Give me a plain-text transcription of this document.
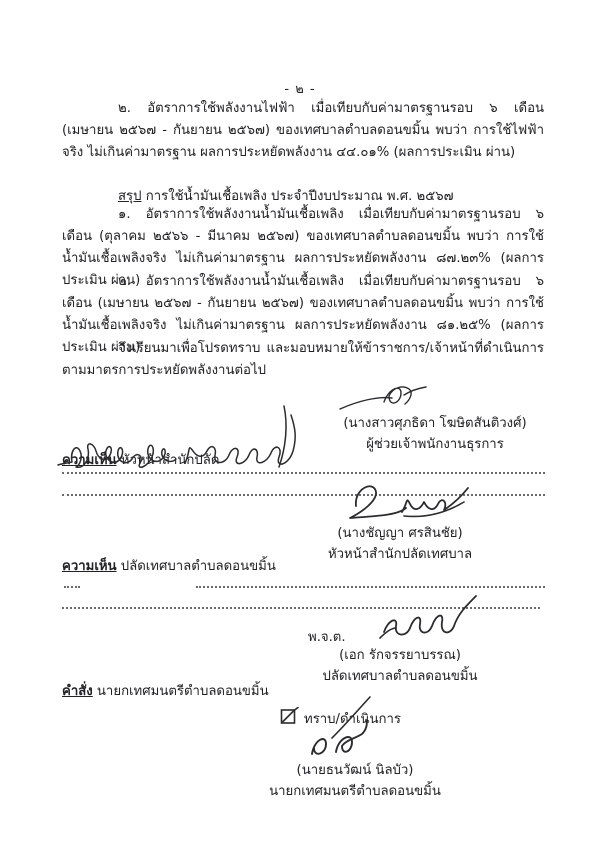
- ๒ -

๒. อัตราการใช้พลังงานไฟฟ้า เมื่อเทียบกับค่ามาตรฐานรอบ ๖ เดือน (เมษายน ๒๕๖๗ - กันยายน ๒๕๖๗) ของเทศบาลตำบลดอนขมิ้น พบว่า การใช้ไฟฟ้าจริง ไม่เกินค่ามาตรฐาน ผลการประหยัดพลังงาน ๔๔.๐๑% (ผลการประเมิน ผ่าน)

สรุป การใช้น้ำมันเชื้อเพลิง ประจำปีงบประมาณ พ.ศ. ๒๕๖๗

๑. อัตราการใช้พลังงานน้ำมันเชื้อเพลิง เมื่อเทียบกับค่ามาตรฐานรอบ ๖ เดือน (ตุลาคม ๒๕๖๖ - มีนาคม ๒๕๖๗) ของเทศบาลตำบลดอนขมิ้น พบว่า การใช้น้ำมันเชื้อเพลิงจริง ไม่เกินค่ามาตรฐาน ผลการประหยัดพลังงาน ๘๗.๒๓% (ผลการประเมิน ผ่าน)

๒. อัตราการใช้พลังงานน้ำมันเชื้อเพลิง เมื่อเทียบกับค่ามาตรฐานรอบ ๖ เดือน (เมษายน ๒๕๖๗ - กันยายน ๒๕๖๗) ของเทศบาลตำบลดอนขมิ้น พบว่า การใช้น้ำมันเชื้อเพลิงจริง ไม่เกินค่ามาตรฐาน ผลการประหยัดพลังงาน ๘๑.๒๕% (ผลการประเมิน ผ่าน)

จึงเรียนมาเพื่อโปรดทราบ และมอบหมายให้ข้าราชการ/เจ้าหน้าที่ดำเนินการตามมาตรการประหยัดพลังงานต่อไป

(นางสาวศุภธิดา โฆษิตสันติวงศ์)
ผู้ช่วยเจ้าพนักงานธุรการ
ความเห็น หัวหน้าสำนักปลัด
(นางชัญญา ศรสินชัย)
หัวหน้าสำนักปลัดเทศบาล
ความเห็น ปลัดเทศบาลตำบลดอนขมิ้น
พ.จ.ต.
(เอก รักจรรยาบรรณ)
ปลัดเทศบาลตำบลดอนขมิ้น
คำสั่ง นายกเทศมนตรีตำบลดอนขมิ้น
ทราบ/ดำเนินการ
(นายธนวัฒน์ นิลบัว)
นายกเทศมนตรีตำบลดอนขมิ้น
